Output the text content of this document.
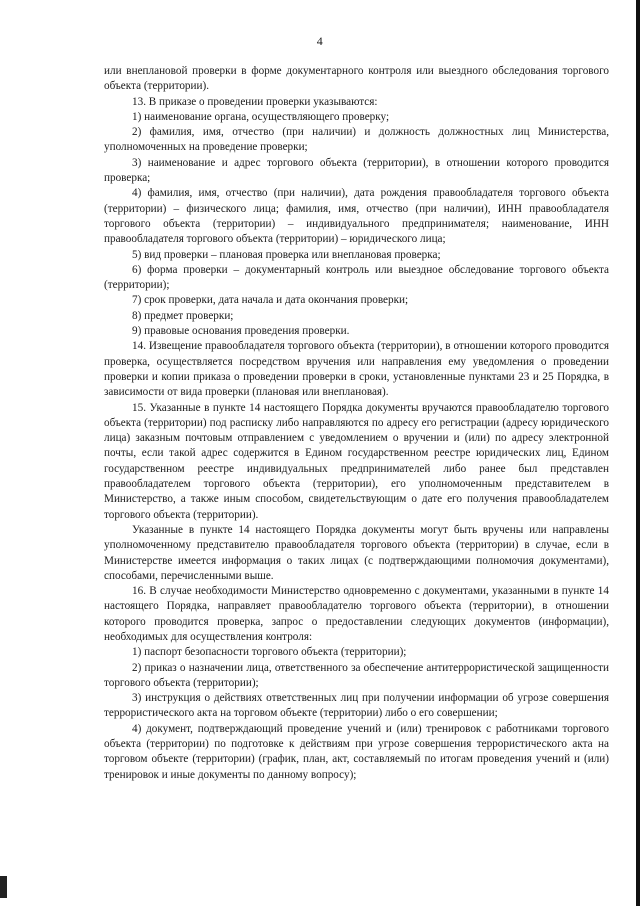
4

или внеплановой проверки в форме документарного контроля или выездного обследования торгового объекта (территории).

13. В приказе о проведении проверки указываются:

1) наименование органа, осуществляющего проверку;

2) фамилия, имя, отчество (при наличии) и должность должностных лиц Министерства, уполномоченных на проведение проверки;

3) наименование и адрес торгового объекта (территории), в отношении которого проводится проверка;

4) фамилия, имя, отчество (при наличии), дата рождения правообладателя торгового объекта (территории) – физического лица; фамилия, имя, отчество (при наличии), ИНН правообладателя торгового объекта (территории) – индивидуального предпринимателя; наименование, ИНН правообладателя торгового объекта (территории) – юридического лица;

5) вид проверки – плановая проверка или внеплановая проверка;

6) форма проверки – документарный контроль или выездное обследование торгового объекта (территории);

7) срок проверки, дата начала и дата окончания проверки;

8) предмет проверки;

9) правовые основания проведения проверки.

14. Извещение правообладателя торгового объекта (территории), в отношении которого проводится проверка, осуществляется посредством вручения или направления ему уведомления о проведении проверки и копии приказа о проведении проверки в сроки, установленные пунктами 23 и 25 Порядка, в зависимости от вида проверки (плановая или внеплановая).

15. Указанные в пункте 14 настоящего Порядка документы вручаются правообладателю торгового объекта (территории) под расписку либо направляются по адресу его регистрации (адресу юридического лица) заказным почтовым отправлением с уведомлением о вручении и (или) по адресу электронной почты, если такой адрес содержится в Едином государственном реестре юридических лиц, Едином государственном реестре индивидуальных предпринимателей либо ранее был представлен правообладателем торгового объекта (территории), его уполномоченным представителем в Министерство, а также иным способом, свидетельствующим о дате его получения правообладателем торгового объекта (территории).

Указанные в пункте 14 настоящего Порядка документы могут быть вручены или направлены уполномоченному представителю правообладателя торгового объекта (территории) в случае, если в Министерстве имеется информация о таких лицах (с подтверждающими полномочия документами), способами, перечисленными выше.

16. В случае необходимости Министерство одновременно с документами, указанными в пункте 14 настоящего Порядка, направляет правообладателю торгового объекта (территории), в отношении которого проводится проверка, запрос о предоставлении следующих документов (информации), необходимых для осуществления контроля:

1) паспорт безопасности торгового объекта (территории);

2) приказ о назначении лица, ответственного за обеспечение антитеррористической защищенности торгового объекта (территории);

3) инструкция о действиях ответственных лиц при получении информации об угрозе совершения террористического акта на торговом объекте (территории) либо о его совершении;

4) документ, подтверждающий проведение учений и (или) тренировок с работниками торгового объекта (территории) по подготовке к действиям при угрозе совершения террористического акта на торговом объекте (территории) (график, план, акт, составляемый по итогам проведения учений и (или) тренировок и иные документы по данному вопросу);
